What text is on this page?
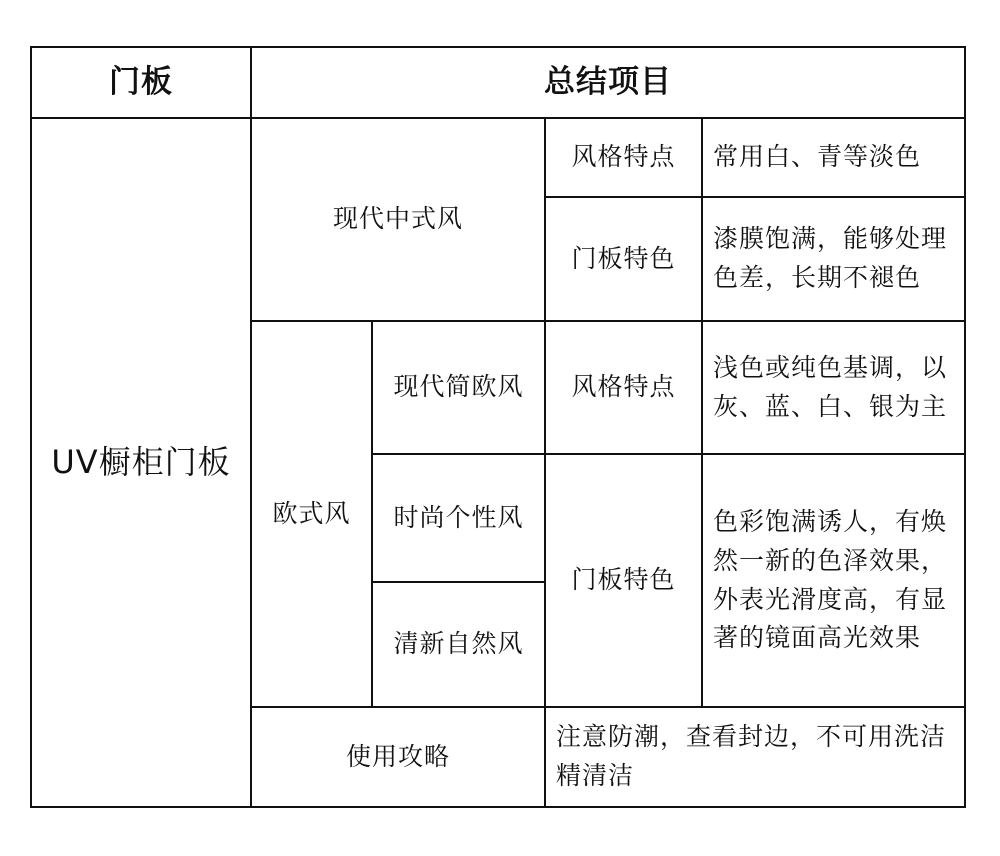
门板	总结项目
UV橱柜门板
现代中式风
风格特点 常用白、青等淡色
门板特色
漆膜饱满，能够处理色差，长期不褪色
欧式风
现代简欧风
时尚个性风
清新自然风
风格特点
浅色或纯色基调，以灰、蓝、白、银为主
门板特色
色彩饱满诱人，有焕然一新的色泽效果，外表光滑度高，有显著的镜面高光效果
使用攻略
注意防潮，查看封边，不可用洗洁精清洁
